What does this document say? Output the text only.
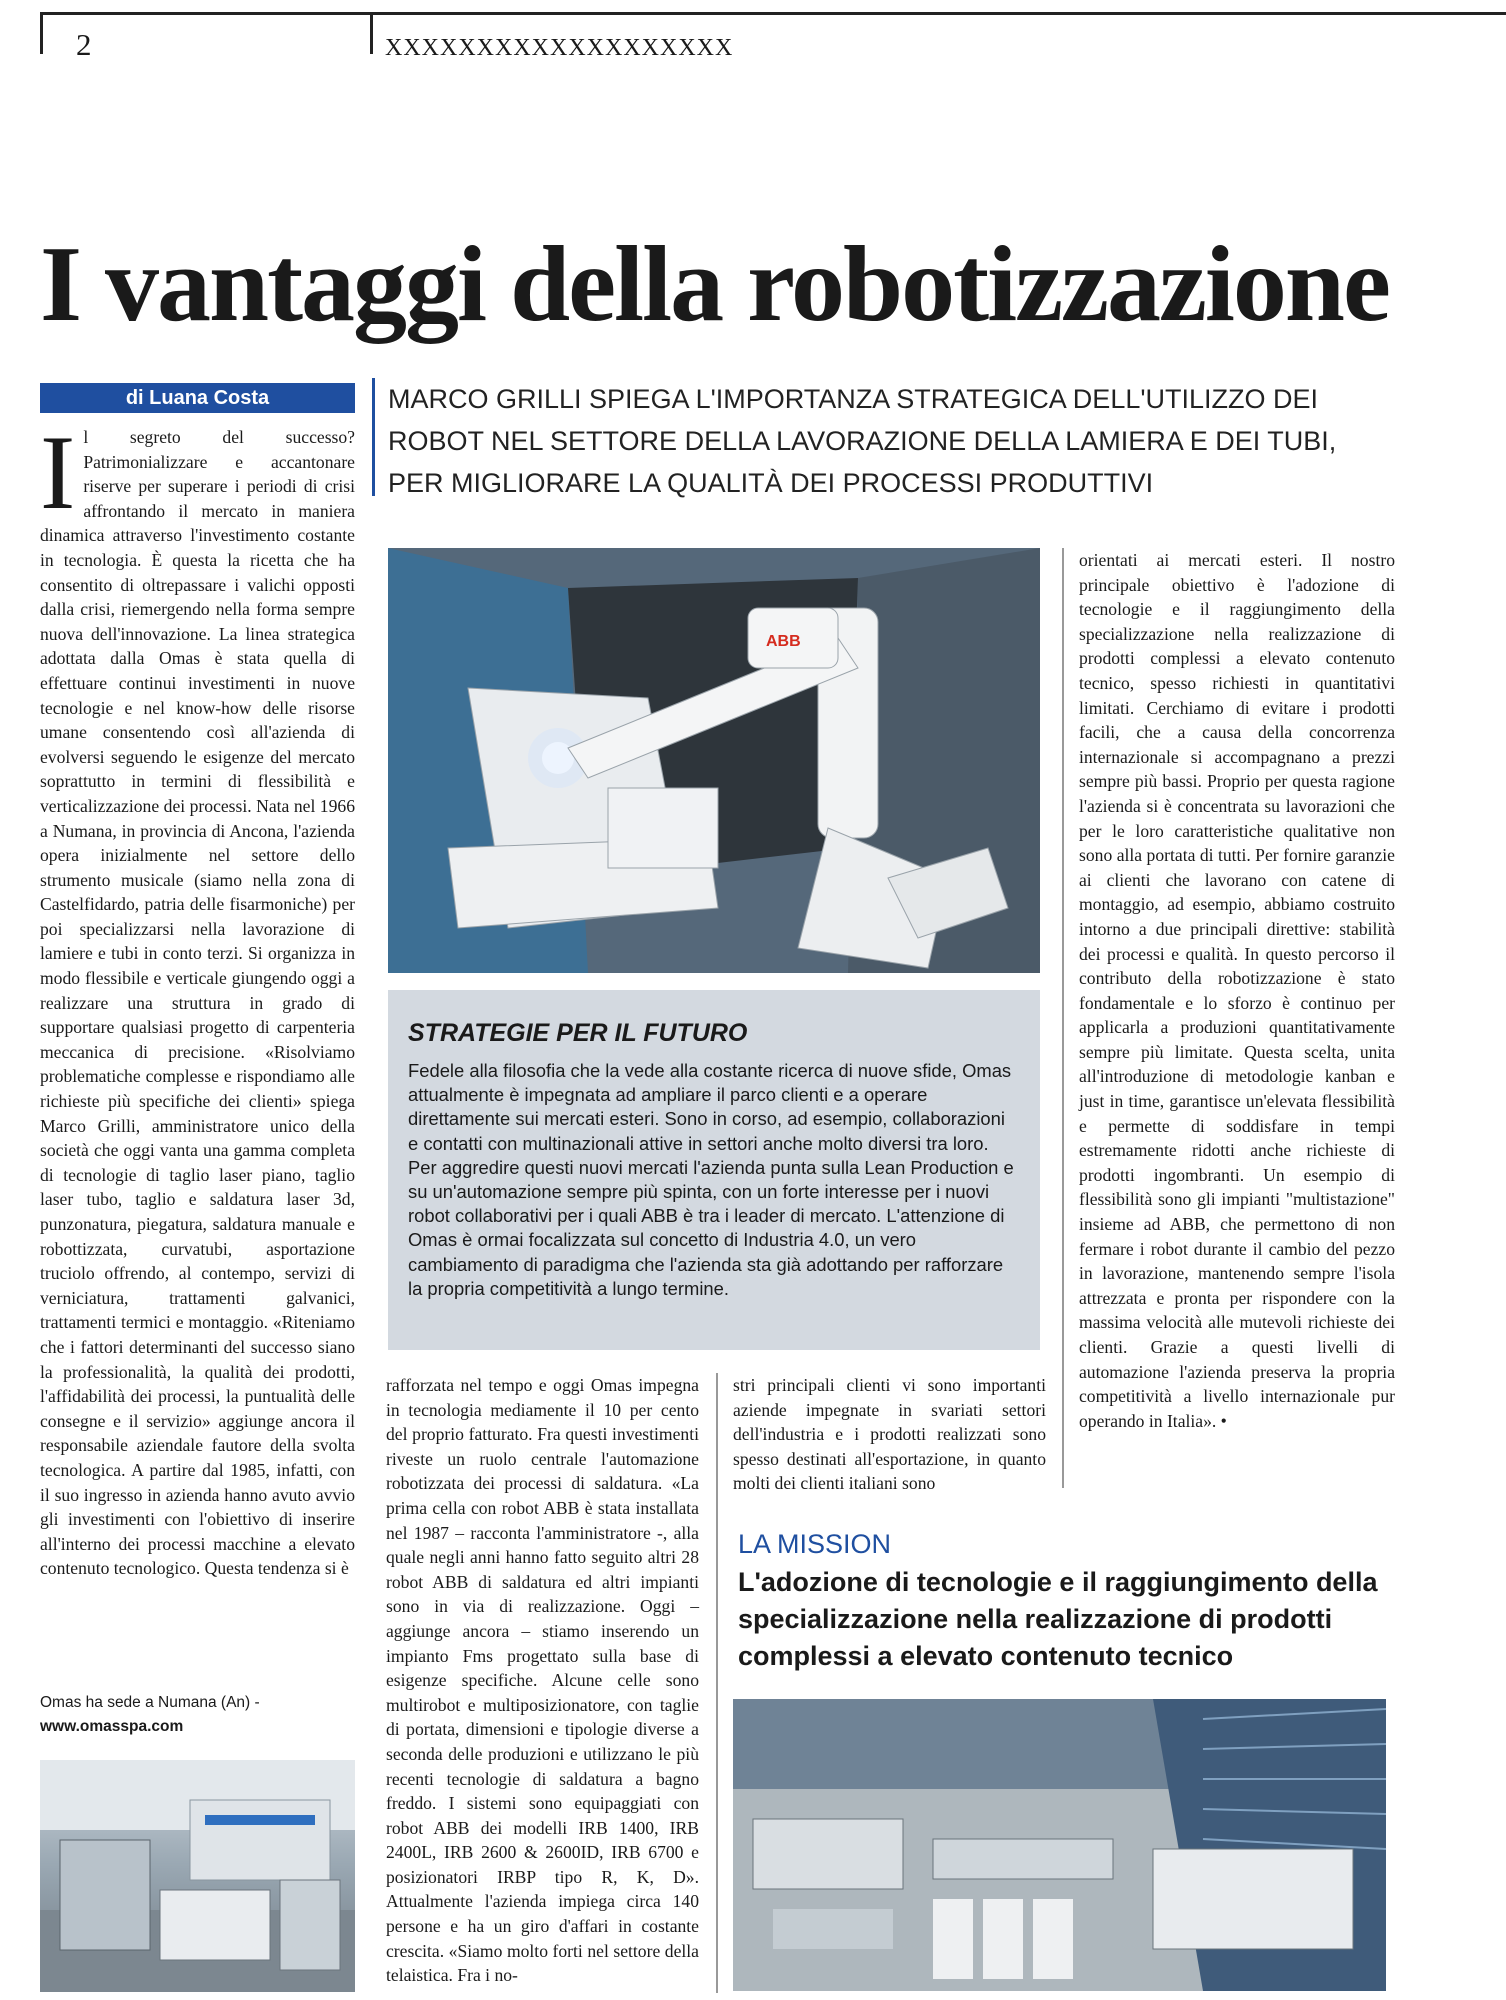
2	XXXXXXXXXXXXXXXXXXX
I vantaggi della robotizzazione
di Luana Costa	MARCO GRILLI SPIEGA L'IMPORTANZA STRATEGICA DELL'UTILIZZO DEI ROBOT NEL SETTORE DELLA LAVORAZIONE DELLA LAMIERA E DEI TUBI, PER MIGLIORARE LA QUALITÀ DEI PROCESSI PRODUTTIVI
I l segreto del successo? Patrimonializzare e accantonare riserve per superare i periodi di crisi affrontando il mercato in maniera dinamica attraverso l'investimento costante in tecnologia. È questa la ricetta che ha consentito di oltrepassare i valichi opposti dalla crisi, riemergendo nella forma sempre nuova dell'innovazione. La linea strategica adottata dalla Omas è stata quella di effettuare continui investimenti in nuove tecnologie e nel know-how delle risorse umane consentendo così all'azienda di evolversi seguendo le esigenze del mercato soprattutto in termini di flessibilità e verticalizzazione dei processi. Nata nel 1966 a Numana, in provincia di Ancona, l'azienda opera inizialmente nel settore dello strumento musicale (siamo nella zona di Castelfidardo, patria delle fisarmoniche) per poi specializzarsi nella lavorazione di lamiere e tubi in conto terzi. Si organizza in modo flessibile e verticale giungendo oggi a realizzare una struttura in grado di supportare qualsiasi progetto di carpenteria meccanica di precisione. «Risolviamo problematiche complesse e rispondiamo alle richieste più specifiche dei clienti» spiega Marco Grilli, amministratore unico della società che oggi vanta una gamma completa di tecnologie di taglio laser piano, taglio laser tubo, taglio e saldatura laser 3d, punzonatura, piegatura, saldatura manuale e robottizzata, curvatubi, asportazione truciolo offrendo, al contempo, servizi di verniciatura, trattamenti galvanici, trattamenti termici e montaggio. «Riteniamo che i fattori determinanti del successo siano la professionalità, la qualità dei prodotti, l'affidabilità dei processi, la puntualità delle consegne e il servizio» aggiunge ancora il responsabile aziendale fautore della svolta tecnologica. A partire dal 1985, infatti, con il suo ingresso in azienda hanno avuto avvio gli investimenti con l'obiettivo di inserire all'interno dei processi macchine a elevato contenuto tecnologico. Questa tendenza si è

Omas ha sede a Numana (An) -
www.omasspa.com
ABB
STRATEGIE PER IL FUTURO
Fedele alla filosofia che la vede alla costante ricerca di nuove sfide, Omas attualmente è impegnata ad ampliare il parco clienti e a operare direttamente sui mercati esteri. Sono in corso, ad esempio, collaborazioni e contatti con multinazionali attive in settori anche molto diversi tra loro. Per aggredire questi nuovi mercati l'azienda punta sulla Lean Production e su un'automazione sempre più spinta, con un forte interesse per i nuovi robot collaborativi per i quali ABB è tra i leader di mercato. L'attenzione di Omas è ormai focalizzata sul concetto di Industria 4.0, un vero cambiamento di paradigma che l'azienda sta già adottando per rafforzare la propria competitività a lungo termine.

rafforzata nel tempo e oggi Omas impegna in tecnologia mediamente il 10 per cento del proprio fatturato. Fra questi investimenti riveste un ruolo centrale l'automazione robotizzata dei processi di saldatura. «La prima cella con robot ABB è stata installata nel 1987 – racconta l'amministratore -, alla quale negli anni hanno fatto seguito altri 28 robot ABB di saldatura ed altri impianti sono in via di realizzazione. Oggi – aggiunge ancora – stiamo inserendo un impianto Fms progettato sulla base di esigenze specifiche. Alcune celle sono multirobot e multiposizionatore, con taglie di portata, dimensioni e tipologie diverse a seconda delle produzioni e utilizzano le più recenti tecnologie di saldatura a bagno freddo. I sistemi sono equipaggiati con robot ABB dei modelli IRB 1400, IRB 2400L, IRB 2600 & 2600ID, IRB 6700 e posizionatori IRBP tipo R, K, D». Attualmente l'azienda impiega circa 140 persone e ha un giro d'affari in costante crescita. «Siamo molto forti nel settore della telaistica. Fra i no-

stri principali clienti vi sono importanti aziende impegnate in svariati settori dell'industria e i prodotti realizzati sono spesso destinati all'esportazione, in quanto molti dei clienti italiani sono

orientati ai mercati esteri. Il nostro principale obiettivo è l'adozione di tecnologie e il raggiungimento della specializzazione nella realizzazione di prodotti complessi a elevato contenuto tecnico, spesso richiesti in quantitativi limitati. Cerchiamo di evitare i prodotti facili, che a causa della concorrenza internazionale si accompagnano a prezzi sempre più bassi. Proprio per questa ragione l'azienda si è concentrata su lavorazioni che per le loro caratteristiche qualitative non sono alla portata di tutti. Per fornire garanzie ai clienti che lavorano con catene di montaggio, ad esempio, abbiamo costruito intorno a due principali direttive: stabilità dei processi e qualità. In questo percorso il contributo della robotizzazione è stato fondamentale e lo sforzo è continuo per applicarla a produzioni quantitativamente sempre più limitate. Questa scelta, unita all'introduzione di metodologie kanban e just in time, garantisce un'elevata flessibilità e permette di soddisfare in tempi estremamente ridotti anche richieste di prodotti ingombranti. Un esempio di flessibilità sono gli impianti "multistazione" insieme ad ABB, che permettono di non fermare i robot durante il cambio del pezzo in lavorazione, mantenendo sempre l'isola attrezzata e pronta per rispondere con la massima velocità alle mutevoli richieste dei clienti. Grazie a questi livelli di automazione l'azienda preserva la propria competitività a livello internazionale pur operando in Italia». •

LA MISSION
L'adozione di tecnologie e il raggiungimento della specializzazione nella realizzazione di prodotti complessi a elevato contenuto tecnico
